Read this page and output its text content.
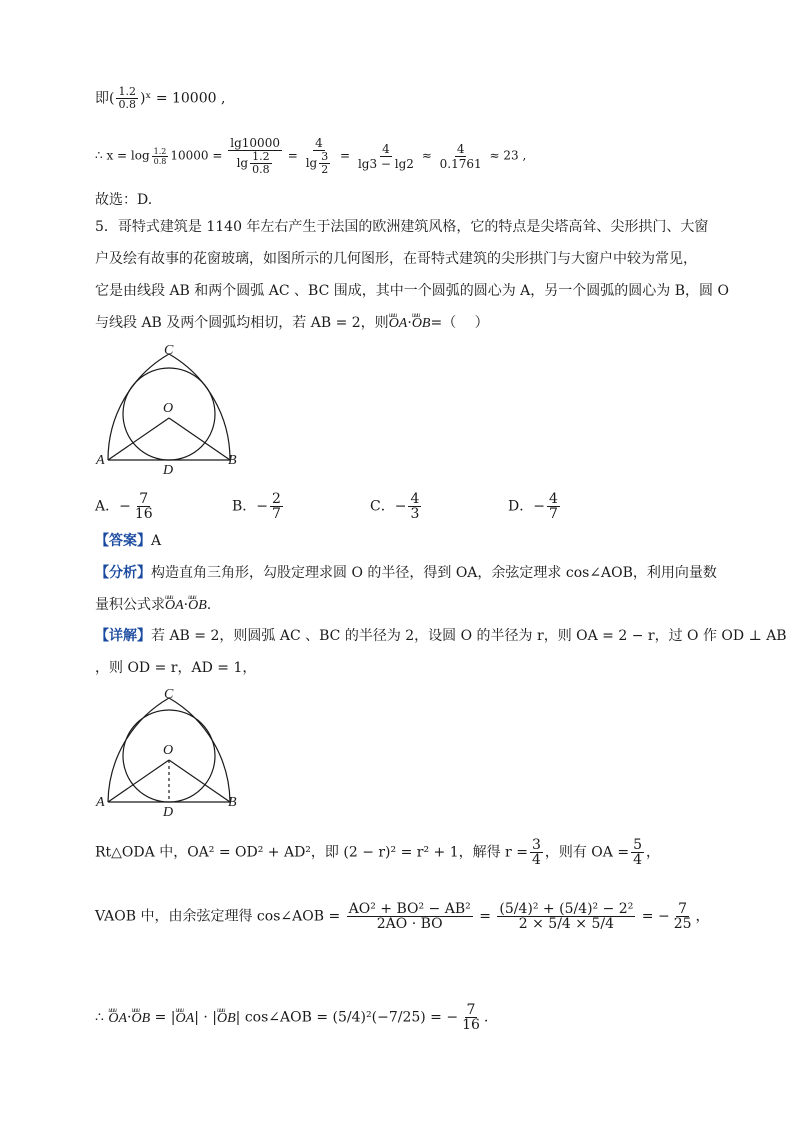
即( $\frac{1.2}{0.8}$ )ˣ = 10000 ,
∴ $x = \log \frac{1.2}{0.8} 10000 = \frac{\lg 10000}{\lg \frac{1.2}{0.8}} = \frac{4}{\lg \frac{3}{2}} = \frac{4}{\lg 3 - \lg 2} \approx \frac{4}{0.1761} \approx 23$ ,
故选：D.
5．哥特式建筑是 1140 年左右产生于法国的欧洲建筑风格，它的特点是尖塔高耸、尖形拱门、大窗
户及绘有故事的花窗玻璃，如图所示的几何图形，在哥特式建筑的尖形拱门与大窗户中较为常见，
它是由线段 AB 和两个圆弧 AC 、BC 围成，其中一个圆弧的圆心为 A，另一个圆弧的圆心为 B，圆 O
与线段 AB 及两个圆弧均相切，若 AB = 2，则uuu OA·uuu OB=（　 ）
C
O
A	B
D
A．− $\frac{7}{16}$	B．− $\frac{2}{7}$	C．− $\frac{4}{3}$	D．− $\frac{4}{7}$
【答案】A
【分析】构造直角三角形，勾股定理求圆 O 的半径，得到 OA，余弦定理求 cos∠AOB，利用向量数
量积公式求uuu OA·uuu OB.
【详解】若 AB = 2，则圆弧 AC 、BC 的半径为 2，设圆 O 的半径为 r，则 OA = 2 − r，过 O 作 OD ⊥ AB
，则 OD = r，AD = 1，
C
O
A	B
D
Rt△ODA 中，OA² = OD² + AD²，即 (2 − r)² = r² + 1，解得 $r = \frac{3}{4}$ ，则有 OA = $\frac{5}{4}$ ，
VAOB 中，由余弦定理得 cos∠AOB = $\frac{\text{AO² + BO² − AB²}}{2AO \cdot BO} = \frac{\text{(5/4)² + (5/4)² − 2²}}{2 \times 5/4 \times 5/4}$ = − $\frac{7}{25}$ ，
∴ uuu OA·uuu OB = |uuu OA| · |uuu OB| cos∠AOB = (5/4)²(−7/25) = − $\frac{7}{16}$ .
